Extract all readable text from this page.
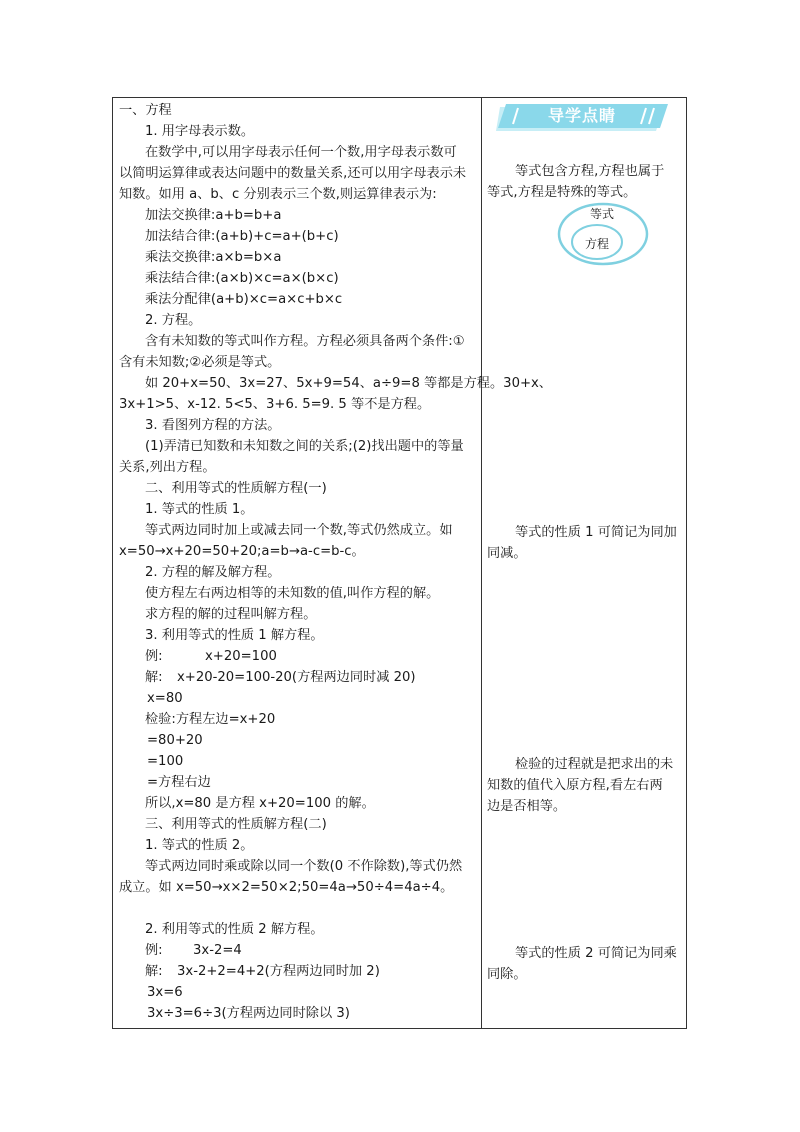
一、方程
1. 用字母表示数。
在数学中,可以用字母表示任何一个数,用字母表示数可
以简明运算律或表达问题中的数量关系,还可以用字母表示未
知数。如用 a、b、c 分别表示三个数,则运算律表示为:
加法交换律:a+b=b+a
加法结合律:(a+b)+c=a+(b+c)
乘法交换律:a×b=b×a
乘法结合律:(a×b)×c=a×(b×c)
乘法分配律(a+b)×c=a×c+b×c
2. 方程。
含有未知数的等式叫作方程。方程必须具备两个条件:①
含有未知数;②必须是等式。
如 20+x=50、3x=27、5x+9=54、a÷9=8 等都是方程。30+x、
3x+1>5、x-12. 5<5、3+6. 5=9. 5 等不是方程。
3. 看图列方程的方法。
(1)弄清已知数和未知数之间的关系;(2)找出题中的等量
关系,列出方程。
二、利用等式的性质解方程(一)
1. 等式的性质 1。
等式两边同时加上或减去同一个数,等式仍然成立。如
x=50→x+20=50+20;a=b→a-c=b-c。
2. 方程的解及解方程。
使方程左右两边相等的未知数的值,叫作方程的解。
求方程的解的过程叫解方程。
3. 利用等式的性质 1 解方程。
例:	x+20=100
解: x+20-20=100-20(方程两边同时减 20)
x=80
检验:方程左边=x+20
=80+20
=100
=方程右边
所以,x=80 是方程 x+20=100 的解。
三、利用等式的性质解方程(二)
1. 等式的性质 2。
等式两边同时乘或除以同一个数(0 不作除数),等式仍然
成立。如 x=50→x×2=50×2;50=4a→50÷4=4a÷4。
2. 利用等式的性质 2 解方程。
例: 3x-2=4
解: 3x-2+2=4+2(方程两边同时加 2)
3x=6
3x÷3=6÷3(方程两边同时除以 3)
导学点睛
等式包含方程,方程也属于
等式,方程是特殊的等式。
等式
方程
等式的性质 1 可简记为同加
同减。
检验的过程就是把求出的未
知数的值代入原方程,看左右两
边是否相等。
等式的性质 2 可简记为同乘
同除。
